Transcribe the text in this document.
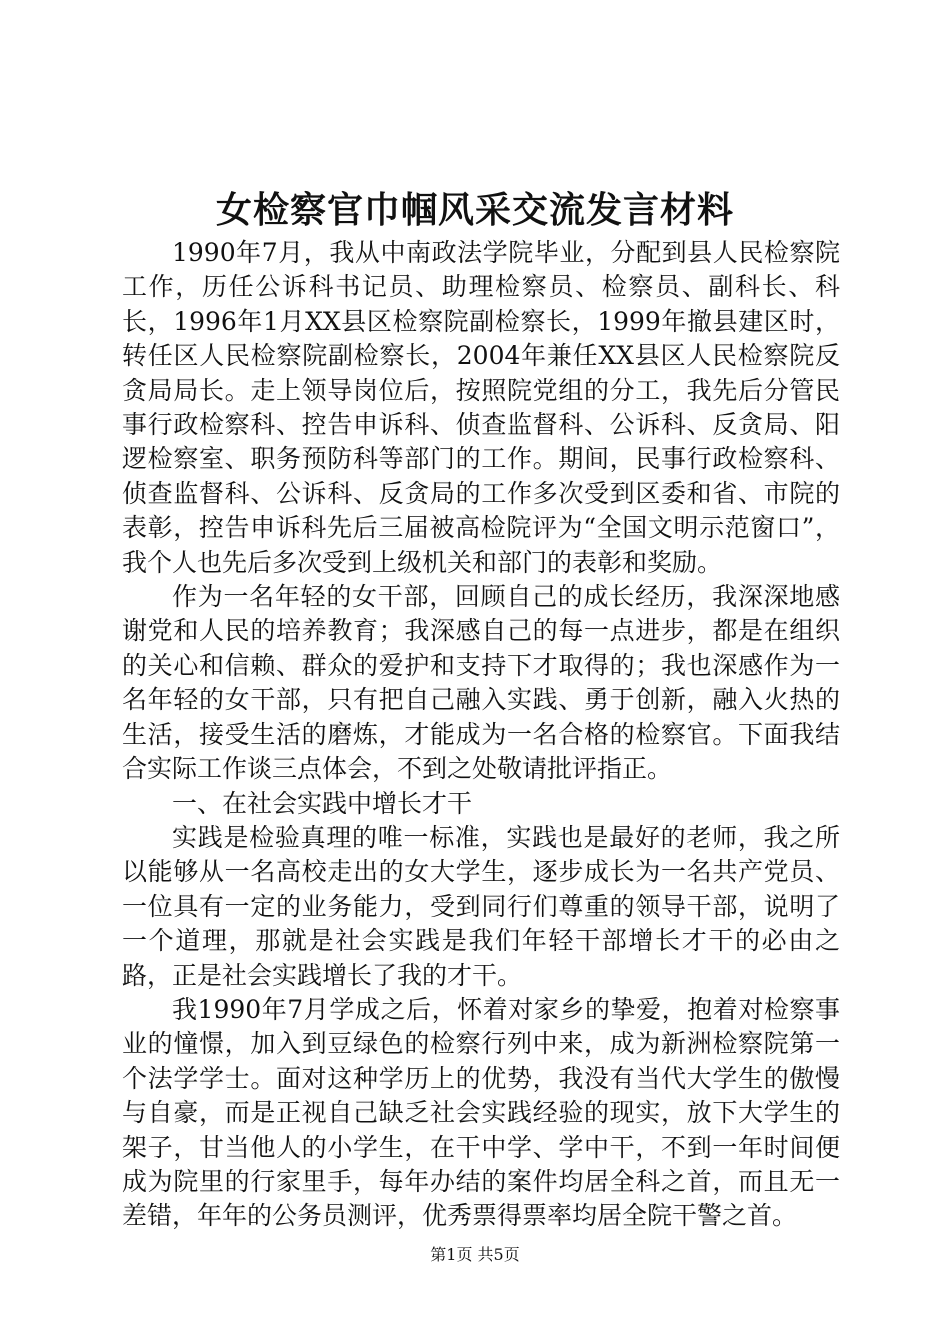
女检察官巾帼风采交流发言材料

1990年7月，我从中南政法学院毕业，分配到县人民检察院工作，历任公诉科书记员、助理检察员、检察员、副科长、科长，1996年1月XX县区检察院副检察长，1999年撤县建区时，转任区人民检察院副检察长，2004年兼任XX县区人民检察院反贪局局长。走上领导岗位后，按照院党组的分工，我先后分管民事行政检察科、控告申诉科、侦查监督科、公诉科、反贪局、阳逻检察室、职务预防科等部门的工作。期间，民事行政检察科、侦查监督科、公诉科、反贪局的工作多次受到区委和省、市院的表彰，控告申诉科先后三届被高检院评为“全国文明示范窗口”，我个人也先后多次受到上级机关和部门的表彰和奖励。

作为一名年轻的女干部，回顾自己的成长经历，我深深地感谢党和人民的培养教育；我深感自己的每一点进步，都是在组织的关心和信赖、群众的爱护和支持下才取得的；我也深感作为一名年轻的女干部，只有把自己融入实践、勇于创新，融入火热的生活，接受生活的磨炼，才能成为一名合格的检察官。下面我结合实际工作谈三点体会，不到之处敬请批评指正。

一、在社会实践中增长才干

实践是检验真理的唯一标准，实践也是最好的老师，我之所以能够从一名高校走出的女大学生，逐步成长为一名共产党员、一位具有一定的业务能力，受到同行们尊重的领导干部，说明了一个道理，那就是社会实践是我们年轻干部增长才干的必由之路，正是社会实践增长了我的才干。

我1990年7月学成之后，怀着对家乡的挚爱，抱着对检察事业的憧憬，加入到豆绿色的检察行列中来，成为新洲检察院第一个法学学士。面对这种学历上的优势，我没有当代大学生的傲慢与自豪，而是正视自己缺乏社会实践经验的现实，放下大学生的架子，甘当他人的小学生，在干中学、学中干，不到一年时间便成为院里的行家里手，每年办结的案件均居全科之首，而且无一差错，年年的公务员测评，优秀票得票率均居全院干警之首。

第1页 共5页
